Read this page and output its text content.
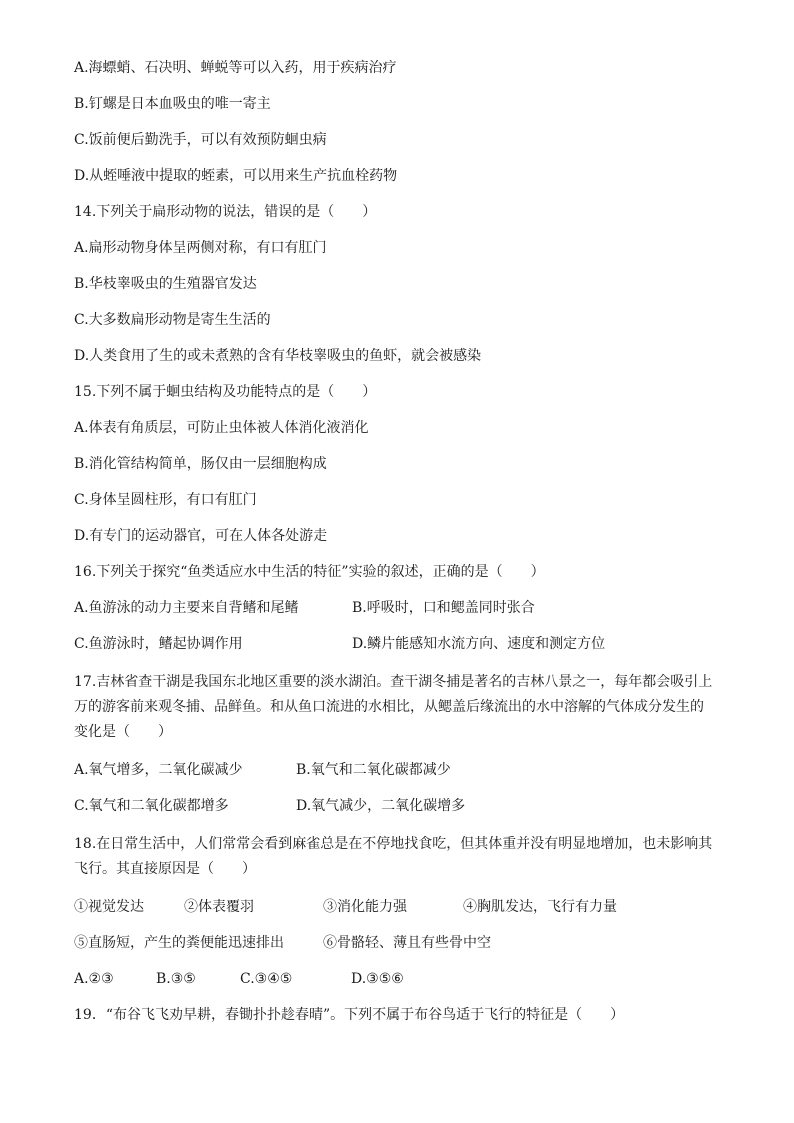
A.海螵蛸、石决明、蝉蜕等可以入药，用于疾病治疗
B.钉螺是日本血吸虫的唯一寄主
C.饭前便后勤洗手，可以有效预防蛔虫病
D.从蛭唾液中提取的蛭素，可以用来生产抗血栓药物
14.下列关于扁形动物的说法，错误的是（　　）
A.扁形动物身体呈两侧对称，有口有肛门
B.华枝睾吸虫的生殖器官发达
C.大多数扁形动物是寄生生活的
D.人类食用了生的或未煮熟的含有华枝睾吸虫的鱼虾，就会被感染
15.下列不属于蛔虫结构及功能特点的是（　　）
A.体表有角质层，可防止虫体被人体消化液消化
B.消化管结构简单，肠仅由一层细胞构成
C.身体呈圆柱形，有口有肛门
D.有专门的运动器官，可在人体各处游走
16.下列关于探究“鱼类适应水中生活的特征”实验的叙述，正确的是（　　）
A.鱼游泳的动力主要来自背鳍和尾鳍	B.呼吸时，口和鳃盖同时张合
C.鱼游泳时，鳍起协调作用	D.鳞片能感知水流方向、速度和测定方位
17.吉林省查干湖是我国东北地区重要的淡水湖泊。查干湖冬捕是著名的吉林八景之一，每年都会吸引上万的游客前来观冬捕、品鲜鱼。和从鱼口流进的水相比，从鳃盖后缘流出的水中溶解的气体成分发生的变化是（　　）
A.氧气增多，二氧化碳减少	B.氧气和二氧化碳都减少
C.氧气和二氧化碳都增多	D.氧气减少，二氧化碳增多
18.在日常生活中，人们常常会看到麻雀总是在不停地找食吃，但其体重并没有明显地增加，也未影响其飞行。其直接原因是（　　）
①视觉发达	②体表覆羽	③消化能力强	④胸肌发达，飞行有力量
⑤直肠短，产生的粪便能迅速排出	⑥骨骼轻、薄且有些骨中空
A.②③	B.③⑤	C.③④⑤	D.③⑤⑥
19．“布谷飞飞劝早耕，春锄扑扑趁春晴”。下列不属于布谷鸟适于飞行的特征是（　　）
